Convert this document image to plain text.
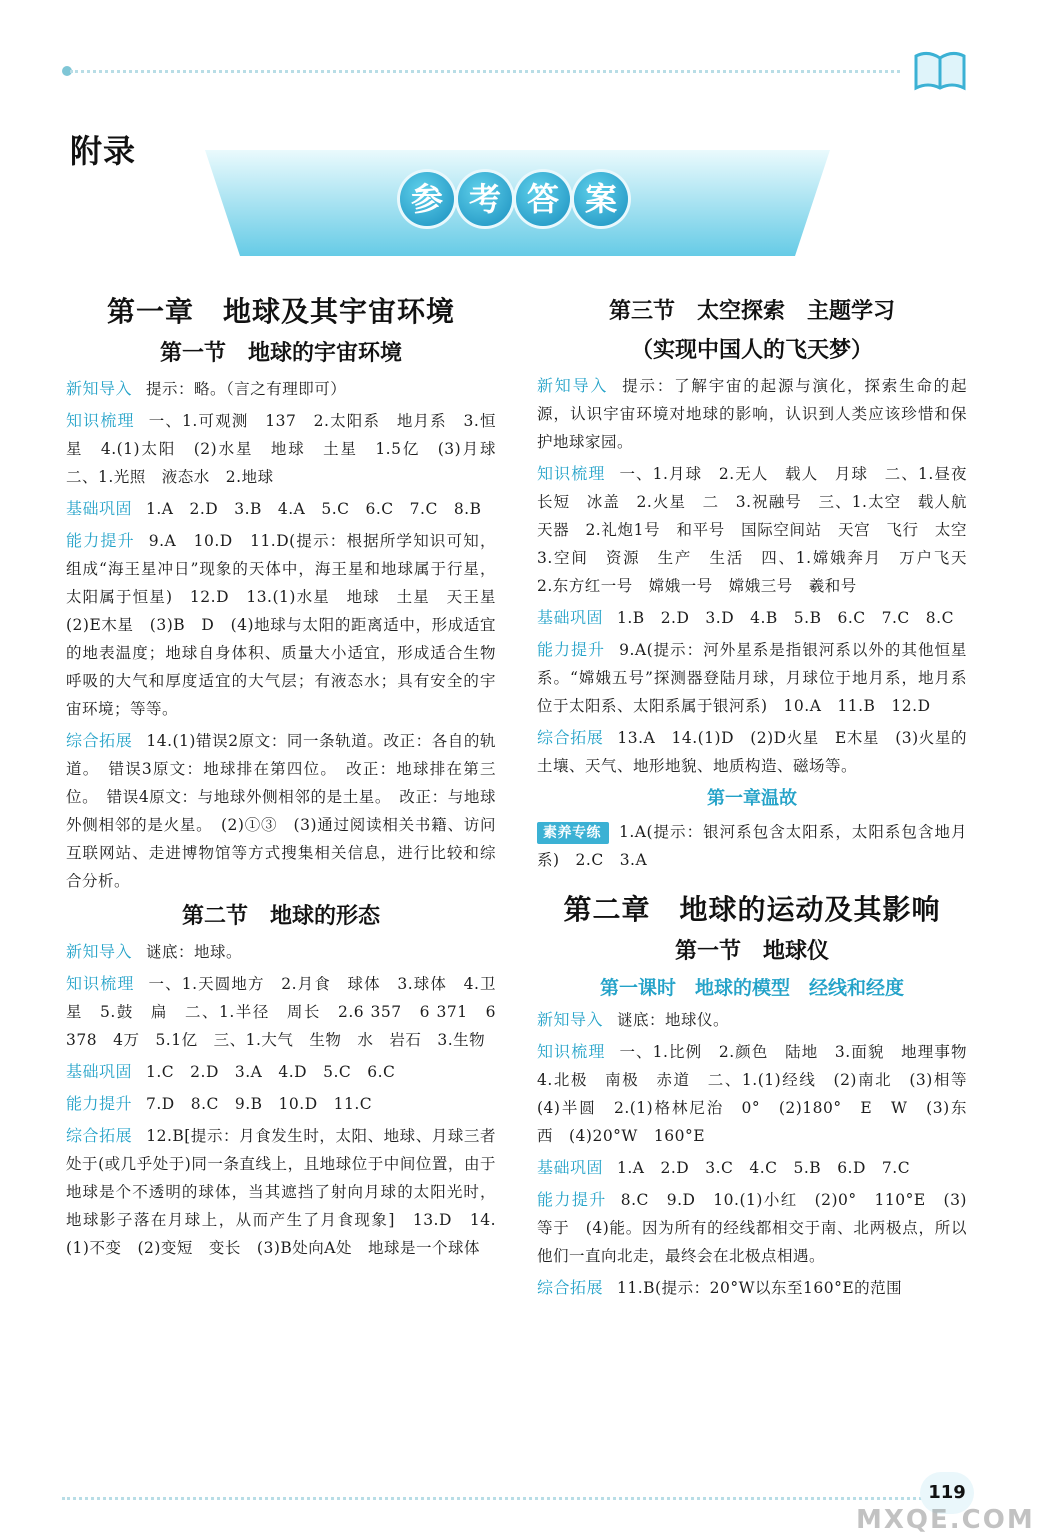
附录
参 考 答 案
第一章　地球及其宇宙环境
第一节　地球的宇宙环境
新知导入 提示：略。（言之有理即可）
知识梳理 一、1.可观测　137　2.太阳系　地月系　3.恒星　4.(1)太阳　(2)水星　地球　土星　1.5亿　(3)月球　二、1.光照　液态水　2.地球
基础巩固 1.A　2.D　3.B　4.A　5.C　6.C　7.C　8.B
能力提升 9.A　10.D　11.D(提示：根据所学知识可知，组成“海王星冲日”现象的天体中，海王星和地球属于行星，太阳属于恒星)　12.D　13.(1)水星　地球　土星　天王星　(2)E木星　(3)B　D　(4)地球与太阳的距离适中，形成适宜的地表温度；地球自身体积、质量大小适宜，形成适合生物呼吸的大气和厚度适宜的大气层；有液态水；具有安全的宇宙环境；等等。
综合拓展 14.(1)错误2原文：同一条轨道。改正：各自的轨道。　错误3原文：地球排在第四位。　改正：地球排在第三位。　错误4原文：与地球外侧相邻的是土星。　改正：与地球外侧相邻的是火星。　(2)①③　(3)通过阅读相关书籍、访问互联网站、走进博物馆等方式搜集相关信息，进行比较和综合分析。
第二节　地球的形态
新知导入 谜底：地球。
知识梳理 一、1.天圆地方　2.月食　球体　3.球体　4.卫星　5.鼓　扁　二、1.半径　周长　2.6 357　6 371　6 378　4万　5.1亿　三、1.大气　生物　水　岩石　3.生物
基础巩固 1.C　2.D　3.A　4.D　5.C　6.C
能力提升 7.D　8.C　9.B　10.D　11.C
综合拓展 12.B[提示：月食发生时，太阳、地球、月球三者处于(或几乎处于)同一条直线上，且地球位于中间位置，由于地球是个不透明的球体，当其遮挡了射向月球的太阳光时，地球影子落在月球上，从而产生了月食现象]　13.D　14.(1)不变　(2)变短　变长　(3)B处向A处　地球是一个球体
第三节　太空探索　主题学习
（实现中国人的飞天梦）
新知导入 提示：了解宇宙的起源与演化，探索生命的起源，认识宇宙环境对地球的影响，认识到人类应该珍惜和保护地球家园。
知识梳理 一、1.月球　2.无人　载人　月球　二、1.昼夜长短　冰盖　2.火星　二　3.祝融号　三、1.太空　载人航天器　2.礼炮1号　和平号　国际空间站　天宫　飞行　太空　3.空间　资源　生产　生活　四、1.嫦娥奔月　万户飞天　2.东方红一号　嫦娥一号　嫦娥三号　羲和号
基础巩固 1.B　2.D　3.D　4.B　5.B　6.C　7.C　8.C
能力提升 9.A(提示：河外星系是指银河系以外的其他恒星系。“嫦娥五号”探测器登陆月球，月球位于地月系，地月系位于太阳系、太阳系属于银河系)　10.A　11.B　12.D
综合拓展 13.A　14.(1)D　(2)D火星　E木星　(3)火星的土壤、天气、地形地貌、地质构造、磁场等。
第一章温故
素养专练 1.A(提示：银河系包含太阳系，太阳系包含地月系)　2.C　3.A
第二章　地球的运动及其影响
第一节　地球仪
第一课时　地球的模型　经线和经度
新知导入 谜底：地球仪。
知识梳理 一、1.比例　2.颜色　陆地　3.面貌　地理事物　4.北极　南极　赤道　二、1.(1)经线　(2)南北　(3)相等　(4)半圆　2.(1)格林尼治　0°　(2)180°　E　W　(3)东　西　(4)20°W　160°E
基础巩固 1.A　2.D　3.C　4.C　5.B　6.D　7.C
能力提升 8.C　9.D　10.(1)小红　(2)0°　110°E　(3)等于　(4)能。因为所有的经线都相交于南、北两极点，所以他们一直向北走，最终会在北极点相遇。
综合拓展 11.B(提示：20°W以东至160°E的范围
119
MXQE.COM
